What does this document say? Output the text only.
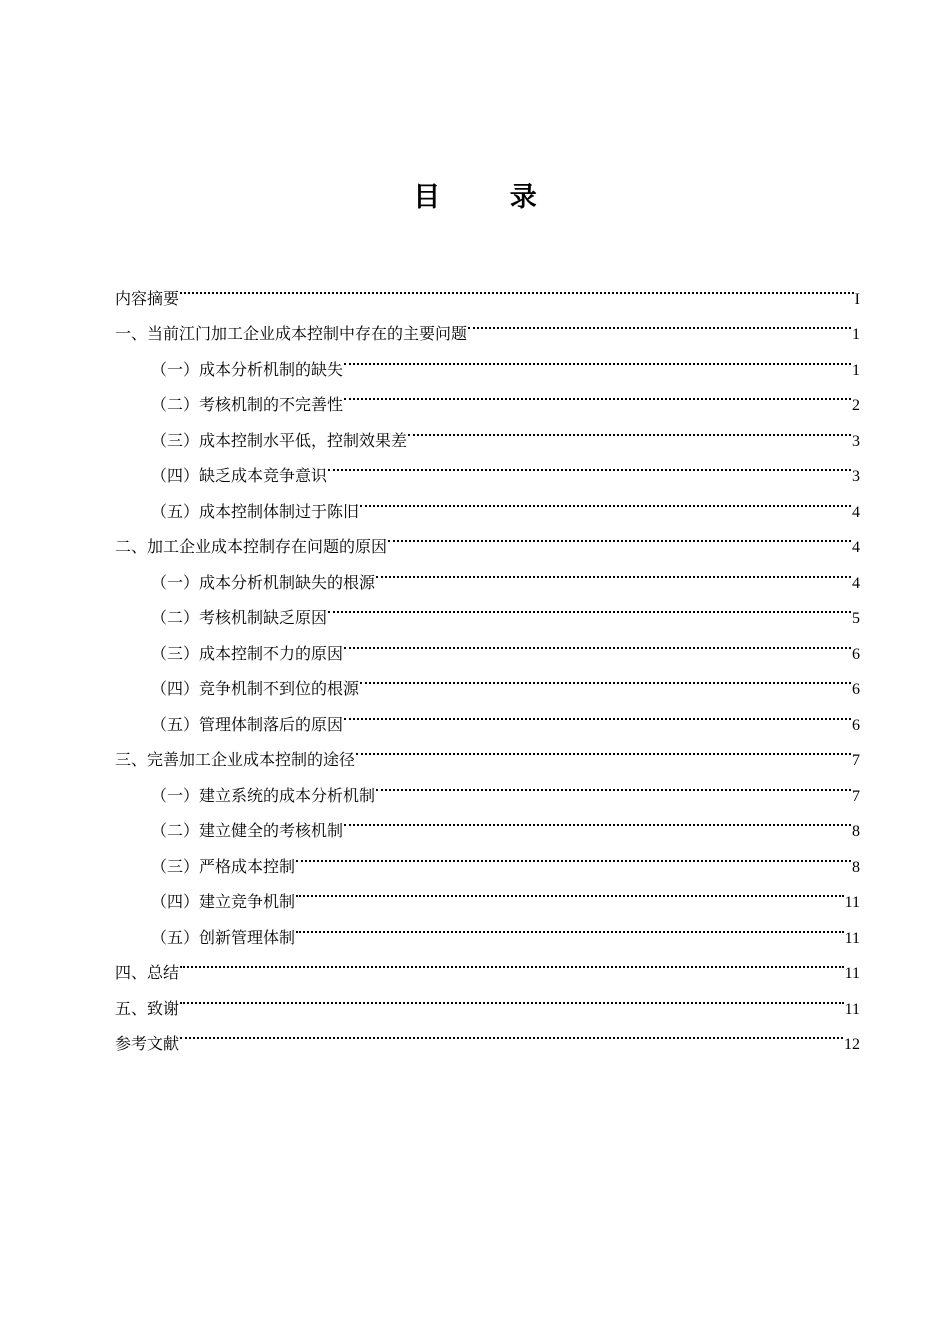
目 录
内容摘要	I
一、当前江门加工企业成本控制中存在的主要问题	1
（一）成本分析机制的缺失	1
（二）考核机制的不完善性	2
（三）成本控制水平低，控制效果差	3
（四）缺乏成本竞争意识	3
（五）成本控制体制过于陈旧	4
二、加工企业成本控制存在问题的原因	4
（一）成本分析机制缺失的根源	4
（二）考核机制缺乏原因	5
（三）成本控制不力的原因	6
（四）竞争机制不到位的根源	6
（五）管理体制落后的原因	6
三、完善加工企业成本控制的途径	7
（一）建立系统的成本分析机制	7
（二）建立健全的考核机制	8
（三）严格成本控制	8
（四）建立竞争机制	11
（五）创新管理体制	11
四、总结	11
五、致谢	11
参考文献	12
